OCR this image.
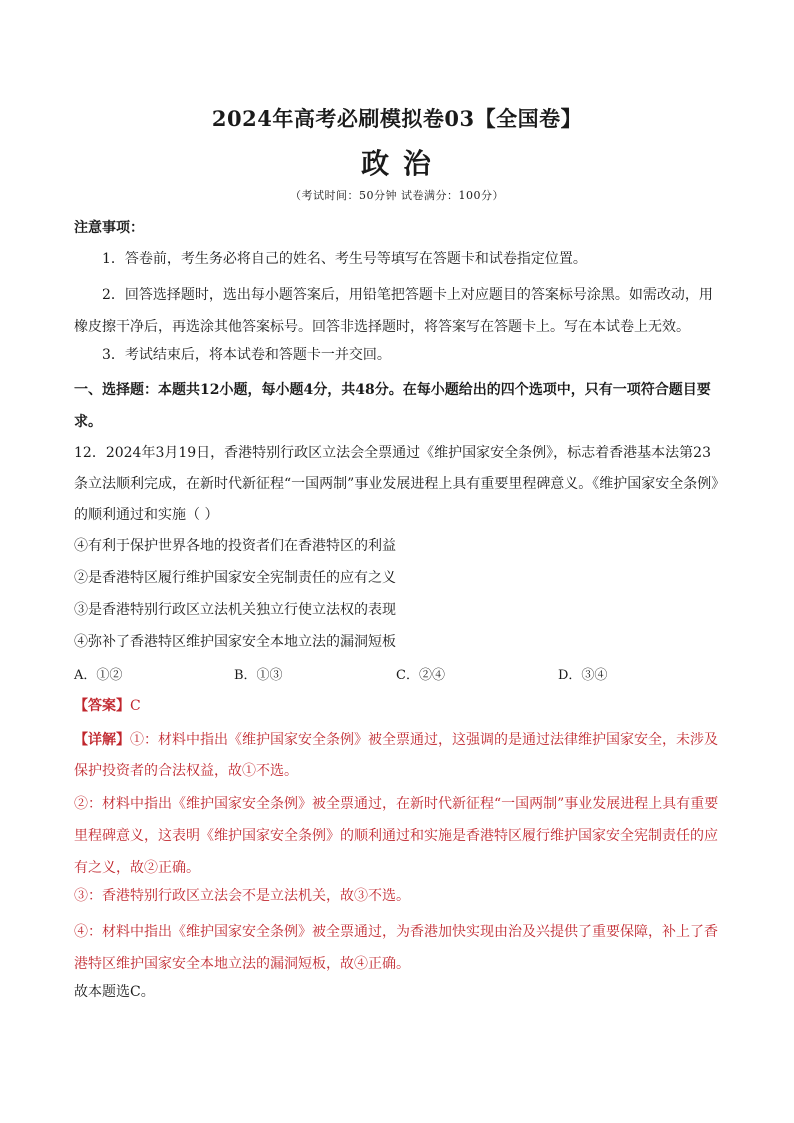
2024年高考必刷模拟卷03【全国卷】
政 治
（考试时间：50分钟 试卷满分：100分）
注意事项：
1．答卷前，考生务必将自己的姓名、考生号等填写在答题卡和试卷指定位置。
2．回答选择题时，选出每小题答案后，用铅笔把答题卡上对应题目的答案标号涂黑。如需改动，用橡皮擦干净后，再选涂其他答案标号。回答非选择题时，将答案写在答题卡上。写在本试卷上无效。
3．考试结束后，将本试卷和答题卡一并交回。
一、选择题：本题共12小题，每小题4分，共48分。在每小题给出的四个选项中，只有一项符合题目要求。
12．2024年3月19日，香港特别行政区立法会全票通过《维护国家安全条例》，标志着香港基本法第23条立法顺利完成，在新时代新征程“一国两制”事业发展进程上具有重要里程碑意义。《维护国家安全条例》的顺利通过和实施（ ）
④有利于保护世界各地的投资者们在香港特区的利益
②是香港特区履行维护国家安全宪制责任的应有之义
③是香港特别行政区立法机关独立行使立法权的表现
④弥补了香港特区维护国家安全本地立法的漏洞短板
A．①②	B．①③	C．②④	D．③④
【答案】C
【详解】①：材料中指出《维护国家安全条例》被全票通过，这强调的是通过法律维护国家安全，未涉及保护投资者的合法权益，故①不选。
②：材料中指出《维护国家安全条例》被全票通过，在新时代新征程“一国两制”事业发展进程上具有重要里程碑意义，这表明《维护国家安全条例》的顺利通过和实施是香港特区履行维护国家安全宪制责任的应有之义，故②正确。
③：香港特别行政区立法会不是立法机关，故③不选。
④：材料中指出《维护国家安全条例》被全票通过，为香港加快实现由治及兴提供了重要保障，补上了香港特区维护国家安全本地立法的漏洞短板，故④正确。
故本题选C。
